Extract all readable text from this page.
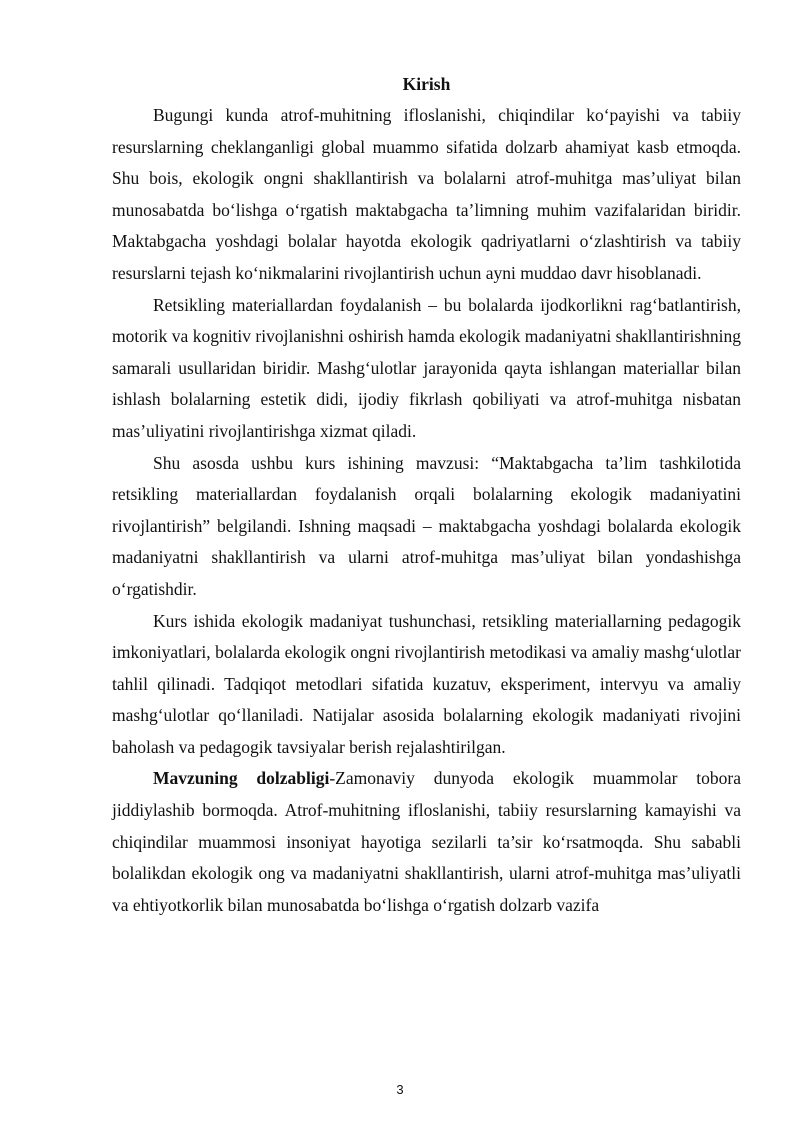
Kirish

Bugungi kunda atrof-muhitning ifloslanishi, chiqindilar koʻpayishi va tabiiy resurslarning cheklanganligi global muammo sifatida dolzarb ahamiyat kasb etmoqda. Shu bois, ekologik ongni shakllantirish va bolalarni atrof-muhitga mas’uliyat bilan munosabatda boʻlishga oʻrgatish maktabgacha ta’limning muhim vazifalaridan biridir. Maktabgacha yoshdagi bolalar hayotda ekologik qadriyatlarni oʻzlashtirish va tabiiy resurslarni tejash koʻnikmalarini rivojlantirish uchun ayni muddao davr hisoblanadi.

Retsikling materiallardan foydalanish – bu bolalarda ijodkorlikni ragʻbatlantirish, motorik va kognitiv rivojlanishni oshirish hamda ekologik madaniyatni shakllantirishning samarali usullaridan biridir. Mashgʻulotlar jarayonida qayta ishlangan materiallar bilan ishlash bolalarning estetik didi, ijodiy fikrlash qobiliyati va atrof-muhitga nisbatan mas’uliyatini rivojlantirishga xizmat qiladi.

Shu asosda ushbu kurs ishining mavzusi: “Maktabgacha ta’lim tashkilotida retsikling materiallardan foydalanish orqali bolalarning ekologik madaniyatini rivojlantirish” belgilandi. Ishning maqsadi – maktabgacha yoshdagi bolalarda ekologik madaniyatni shakllantirish va ularni atrof-muhitga mas’uliyat bilan yondashishga oʻrgatishdir.

Kurs ishida ekologik madaniyat tushunchasi, retsikling materiallarning pedagogik imkoniyatlari, bolalarda ekologik ongni rivojlantirish metodikasi va amaliy mashgʻulotlar tahlil qilinadi. Tadqiqot metodlari sifatida kuzatuv, eksperiment, intervyu va amaliy mashgʻulotlar qoʻllaniladi. Natijalar asosida bolalarning ekologik madaniyati rivojini baholash va pedagogik tavsiyalar berish rejalashtirilgan.

Mavzuning dolzabligi-Zamonaviy dunyoda ekologik muammolar tobora jiddiylashib bormoqda. Atrof-muhitning ifloslanishi, tabiiy resurslarning kamayishi va chiqindilar muammosi insoniyat hayotiga sezilarli ta’sir koʻrsatmoqda. Shu sababli bolalikdan ekologik ong va madaniyatni shakllantirish, ularni atrof-muhitga mas’uliyatli va ehtiyotkorlik bilan munosabatda boʻlishga oʻrgatish dolzarb vazifa

3
